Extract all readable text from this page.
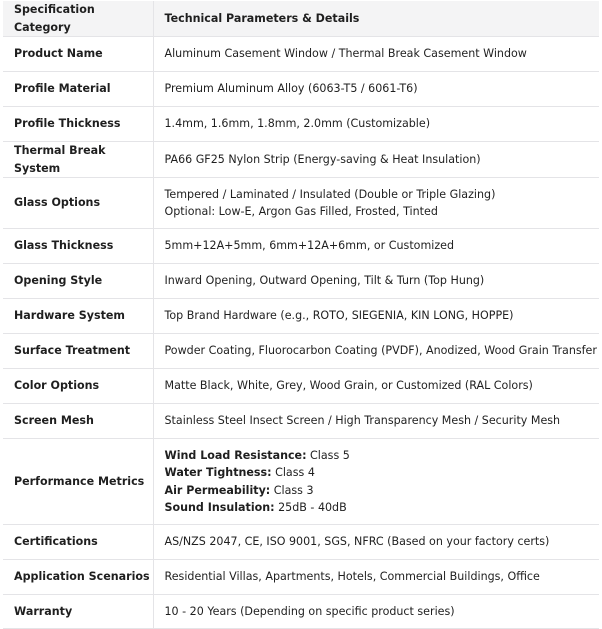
Specification Category	Technical Parameters & Details
Product Name	Aluminum Casement Window / Thermal Break Casement Window

Profile Material	Premium Aluminum Alloy (6063-T5 / 6061-T6)

Profile Thickness	1.4mm, 1.6mm, 1.8mm, 2.0mm (Customizable)

Thermal Break System	PA66 GF25 Nylon Strip (Energy-saving & Heat Insulation)

Glass Options	Tempered / Laminated / Insulated (Double or Triple Glazing)
Optional: Low-E, Argon Gas Filled, Frosted, Tinted

Glass Thickness	5mm+12A+5mm, 6mm+12A+6mm, or Customized

Opening Style	Inward Opening, Outward Opening, Tilt & Turn (Top Hung)

Hardware System	Top Brand Hardware (e.g., ROTO, SIEGENIA, KIN LONG, HOPPE)

Surface Treatment	Powder Coating, Fluorocarbon Coating (PVDF), Anodized, Wood Grain Transfer

Color Options	Matte Black, White, Grey, Wood Grain, or Customized (RAL Colors)

Screen Mesh	Stainless Steel Insect Screen / High Transparency Mesh / Security Mesh

Performance Metrics	Wind Load Resistance: Class 5
Water Tightness: Class 4
Air Permeability: Class 3
Sound Insulation: 25dB - 40dB

Certifications	AS/NZS 2047, CE, ISO 9001, SGS, NFRC (Based on your factory certs)

Application Scenarios	Residential Villas, Apartments, Hotels, Commercial Buildings, Office

Warranty	10 - 20 Years (Depending on specific product series)
